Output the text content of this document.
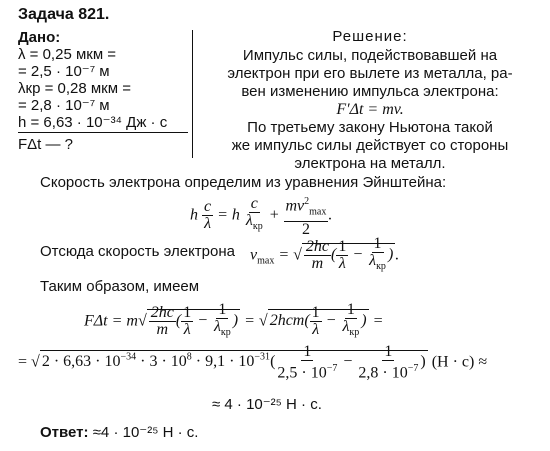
Задача 821.
Дано:
λ = 0,25 мкм =
= 2,5 · 10⁻⁷ м
λкр = 0,28 мкм =
= 2,8 · 10⁻⁷ м
h = 6,63 · 10⁻³⁴ Дж · с
FΔt — ?
Решение:
Импульс силы, подействовавшей на
электрон при его вылете из металла, ра-
вен изменению импульса электрона:
F′Δt = mv.
По третьему закону Ньютона такой
же импульс силы действует со стороны
электрона на металл.
Скорость электрона определим из уравнения Эйнштейна:
h $\frac{c}{\lambda} = h \frac{c}{\lambda_{кр}} + \frac{mv^2_{max}}{2}$ .
Отсюда скорость электрона $v_{max}$ = √ $\frac{2hc}{m}$ ( $\frac{1}{\lambda} - \frac{1}{\lambda_{кр}}$ ) .
Таким образом, имеем
$F\Delta t = m√ \frac{2hc}{m}$ ( $\frac{1}{\lambda} - \frac{1}{\lambda_{кр}}$ ) = √ $2hcm( \frac{1}{\lambda} - \frac{1}{\lambda_{кр}}$ ) =
= √ $2 \cdot 6,63 \cdot 10^{-34} \cdot 3 \cdot 10^8 \cdot 9,1 \cdot 10^{-31}( \frac{1}{2,5 \cdot 10^{-7}} - \frac{1}{2,8 \cdot 10^{-7}}$ ) (Н · с) ≈
≈ 4 · 10⁻²⁵ Н · с.
Ответ: ≈4 · 10⁻²⁵ Н · с.
